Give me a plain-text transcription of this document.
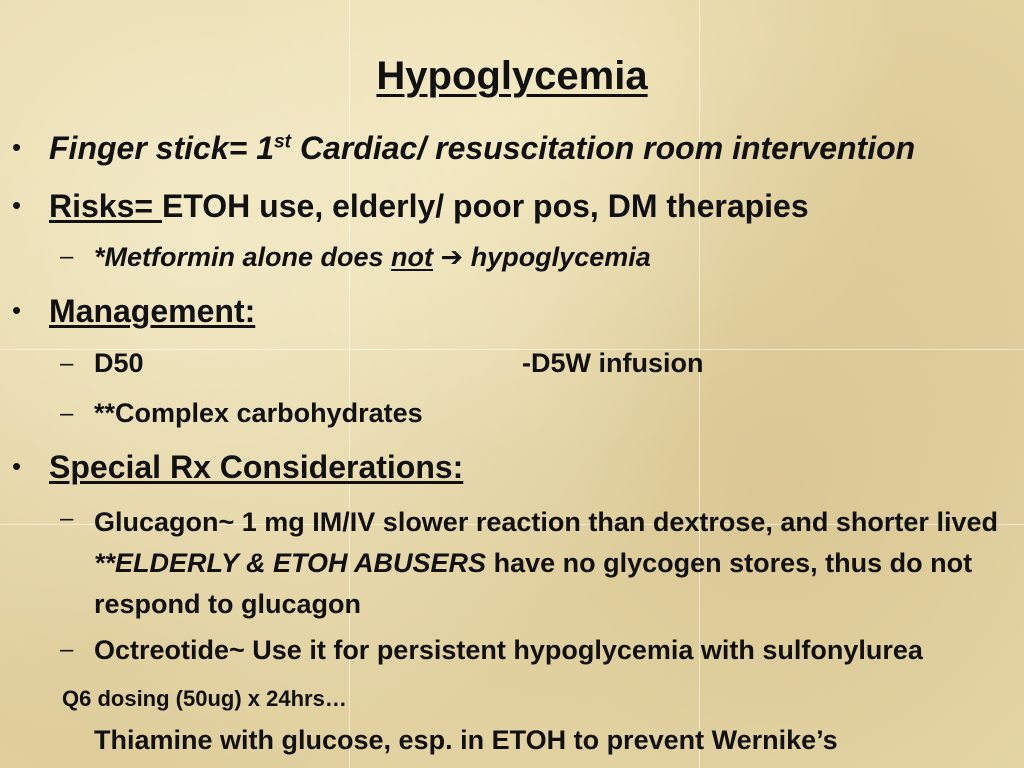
Hypoglycemia
• Finger stick= 1st Cardiac/ resuscitation room intervention
• Risks= ETOH use, elderly/ poor pos, DM therapies
– *Metformin alone does not ➔ hypoglycemia
• Management:
– D50	-D5W infusion
– **Complex carbohydrates
• Special Rx Considerations:
– Glucagon~ 1 mg IM/IV slower reaction than dextrose, and shorter lived **ELDERLY & ETOH ABUSERS have no glycogen stores, thus do not respond to glucagon
– Octreotide~ Use it for persistent hypoglycemia with sulfonylurea
Q6 dosing (50ug) x 24hrs…
Thiamine with glucose, esp. in ETOH to prevent Wernike’s
